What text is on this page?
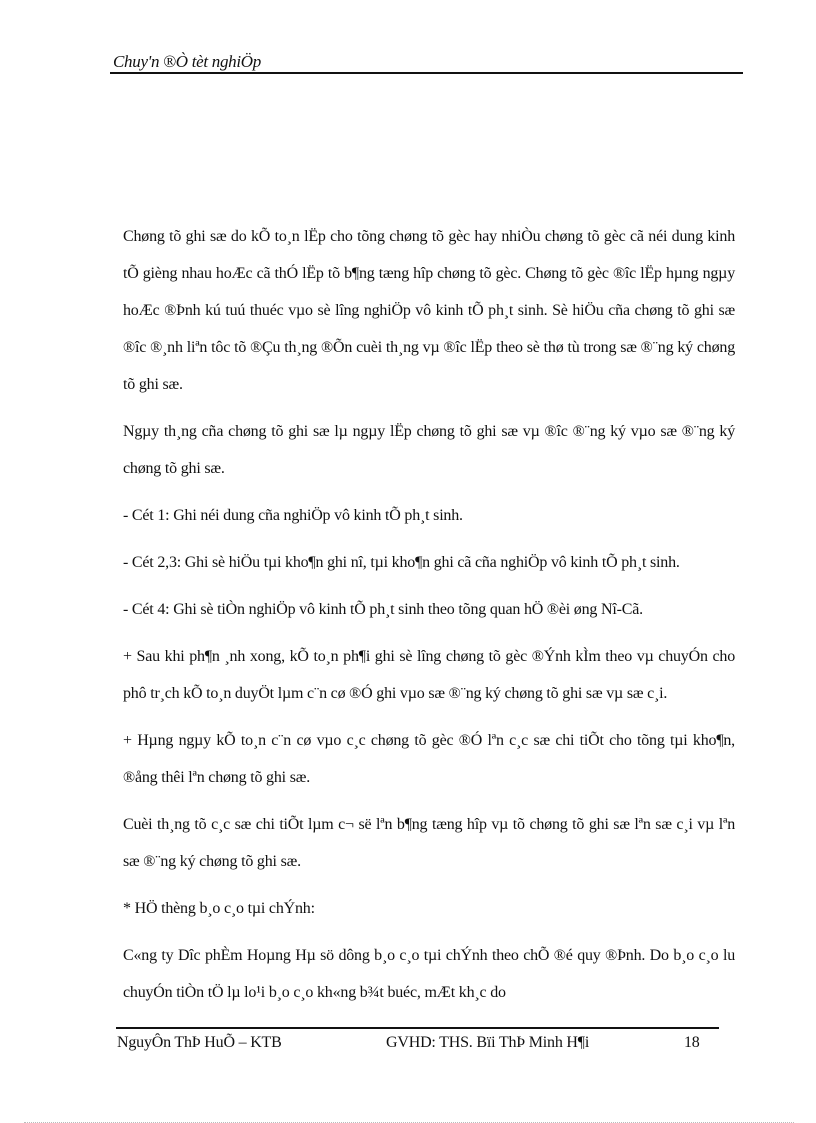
Chuy'n ®Ò tèt nghiÖp

Chøng tõ ghi sæ do kÕ to¸n lËp cho tõng chøng tõ gèc hay nhiÒu chøng tõ gèc cã néi dung kinh tÕ gièng nhau hoÆc cã thÓ lËp tõ b¶ng tæng hîp chøng tõ gèc. Chøng tõ gèc ®îc lËp hµng ngµy hoÆc ®Þnh kú tuú thuéc vµo sè lîng nghiÖp vô kinh tÕ ph¸t sinh. Sè hiÖu cña chøng tõ ghi sæ ®îc ®¸nh liªn tôc tõ ®Çu th¸ng ®Õn cuèi th¸ng vµ ®îc lËp theo sè thø tù trong sæ ®¨ng ký chøng tõ ghi sæ.

Ngµy th¸ng cña chøng tõ ghi sæ lµ ngµy lËp chøng tõ ghi sæ vµ ®îc ®¨ng ký vµo sæ ®¨ng ký chøng tõ ghi sæ.

- Cét 1: Ghi néi dung cña nghiÖp vô kinh tÕ ph¸t sinh.

- Cét 2,3: Ghi sè hiÖu tµi kho¶n ghi nî, tµi kho¶n ghi cã cña nghiÖp vô kinh tÕ ph¸t sinh.

- Cét 4: Ghi sè tiÒn nghiÖp vô kinh tÕ ph¸t sinh theo tõng quan hÖ ®èi øng Nî-Cã.

+ Sau khi ph¶n ¸nh xong, kÕ to¸n ph¶i ghi sè lîng chøng tõ gèc ®Ýnh kÌm theo vµ chuyÓn cho phô tr¸ch kÕ to¸n duyÖt lµm c¨n cø ®Ó ghi vµo sæ ®¨ng ký chøng tõ ghi sæ vµ sæ c¸i.

+ Hµng ngµy kÕ to¸n c¨n cø vµo c¸c chøng tõ gèc ®Ó lªn c¸c sæ chi tiÕt cho tõng tµi kho¶n, ®ång thêi lªn chøng tõ ghi sæ.

Cuèi th¸ng tõ c¸c sæ chi tiÕt lµm c¬ së lªn b¶ng tæng hîp vµ tõ chøng tõ ghi sæ lªn sæ c¸i vµ lªn sæ ®¨ng ký chøng tõ ghi sæ.

* HÖ thèng b¸o c¸o tµi chÝnh:

C«ng ty Dîc phÈm Hoµng Hµ sö dông b¸o c¸o tµi chÝnh theo chÕ ®é quy ®Þnh. Do b¸o c¸o lu chuyÓn tiÒn tÖ lµ lo¹i b¸o c¸o kh«ng b¾t buéc, mÆt kh¸c do

NguyÔn ThÞ HuÕ – KTB	GVHD: THS. Bïi ThÞ Minh H¶i	18
